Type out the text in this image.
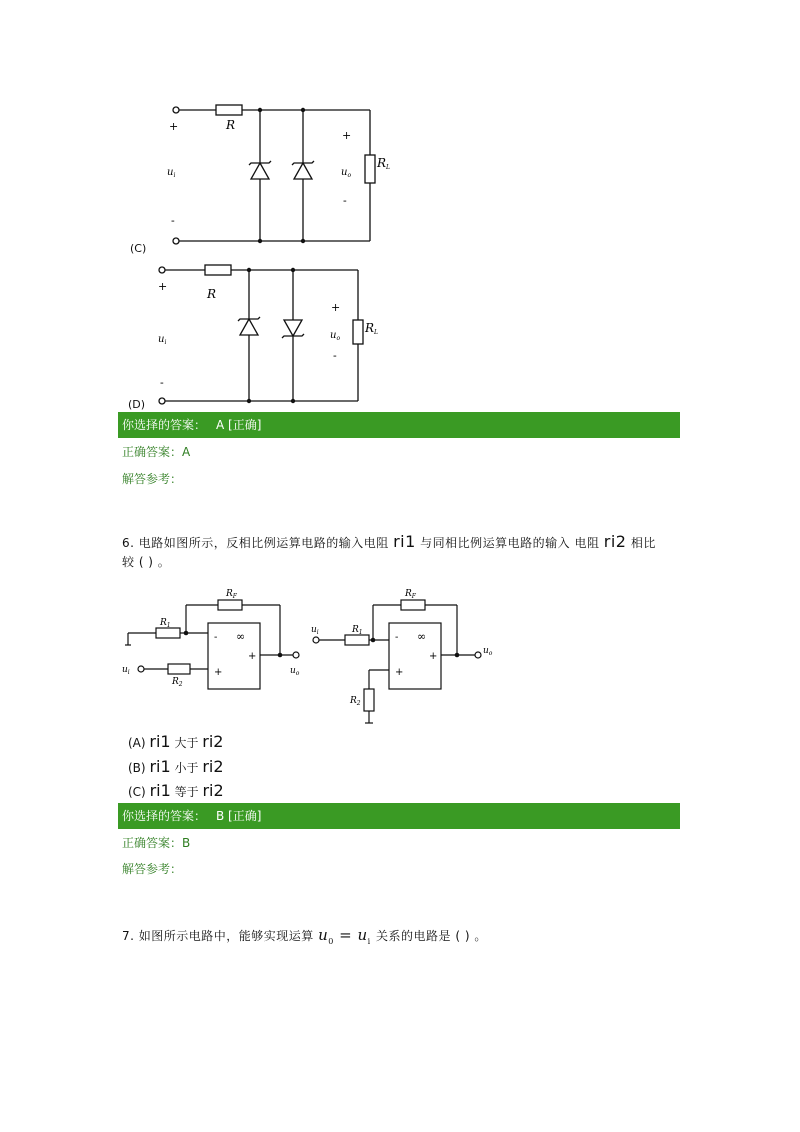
+	R
$u_i$
-
+
$u_o$
-
RL
(C)
+
R
$u_i$
-
+
$u_o$
-
RL
(D)
你选择的答案： A [正确]
正确答案：A
解答参考：
6. 电路如图所示，反相比例运算电路的输入电阻 ri1 与同相比例运算电路的输入 电阻 ri2 相比
较 ( ) 。
$R_F$
$R_1$
$R_2$
- ∞
+
+
$u_i$	$u_o$
$R_F$
$R_1$
$R_2$
- ∞
+
+
$u_i$
$u_o$
(A) ri1 大于 ri2
(B) ri1 小于 ri2
(C) ri1 等于 ri2
你选择的答案： B [正确]
正确答案：B
解答参考：
7. 如图所示电路中，能够实现运算 $u_0 = u_i$ 关系的电路是 ( ) 。
